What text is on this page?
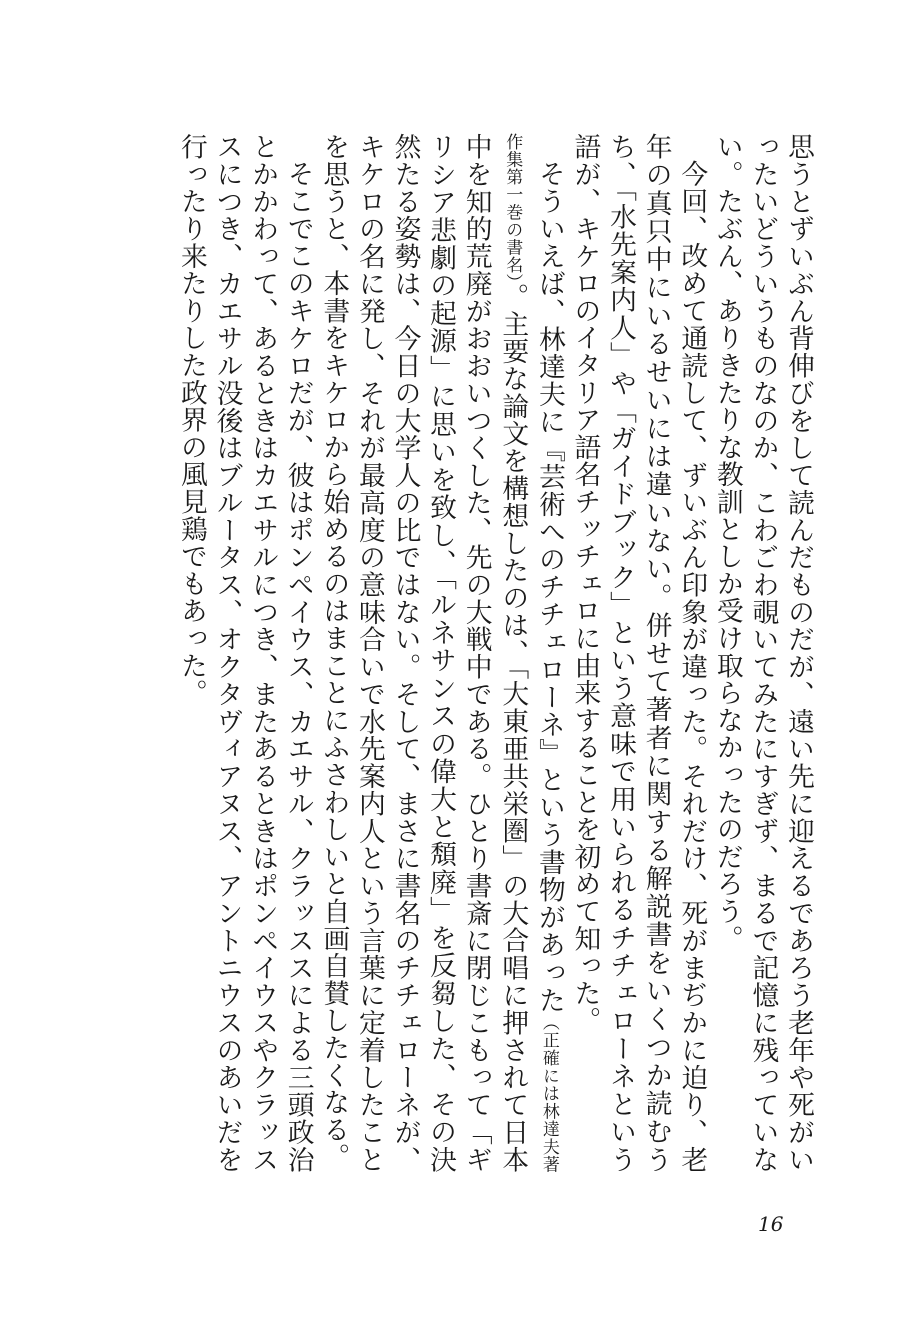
思うとずいぶん背伸びをして読んだものだが、遠い先に迎えるであろう老年や死がいったいどういうものなのか、こわごわ覗いてみたにすぎず、まるで記憶に残っていない。たぶん、ありきたりな教訓としか受け取らなかったのだろう。

今回、改めて通読して、ずいぶん印象が違った。それだけ、死がまぢかに迫り、老年の真只中にいるせいには違いない。併せて著者に関する解説書をいくつか読むうち、「水先案内人」や「ガイドブック」という意味で用いられるチチェローネという語が、キケロのイタリア語名チッチェロに由来することを初めて知った。

そういえば、林達夫に『芸術へのチチェローネ』という書物があった（正確には林達夫著作集第一巻の書名）。主要な論文を構想したのは、「大東亜共栄圏」の大合唱に押されて日本中を知的荒廃がおおいつくした、先の大戦中である。ひとり書斎に閉じこもって「ギリシア悲劇の起源」に思いを致し、「ルネサンスの偉大と頽廃」を反芻した、その決然たる姿勢は、今日の大学人の比ではない。そして、まさに書名のチチェローネが、キケロの名に発し、それが最高度の意味合いで水先案内人という言葉に定着したことを思うと、本書をキケロから始めるのはまことにふさわしいと自画自賛したくなる。

そこでこのキケロだが、彼はポンペイウス、カエサル、クラッススによる三頭政治とかかわって、あるときはカエサルにつき、またあるときはポンペイウスやクラッススにつき、カエサル没後はブルータス、オクタヴィアヌス、アントニウスのあいだを行ったり来たりした政界の風見鶏でもあった。

16
